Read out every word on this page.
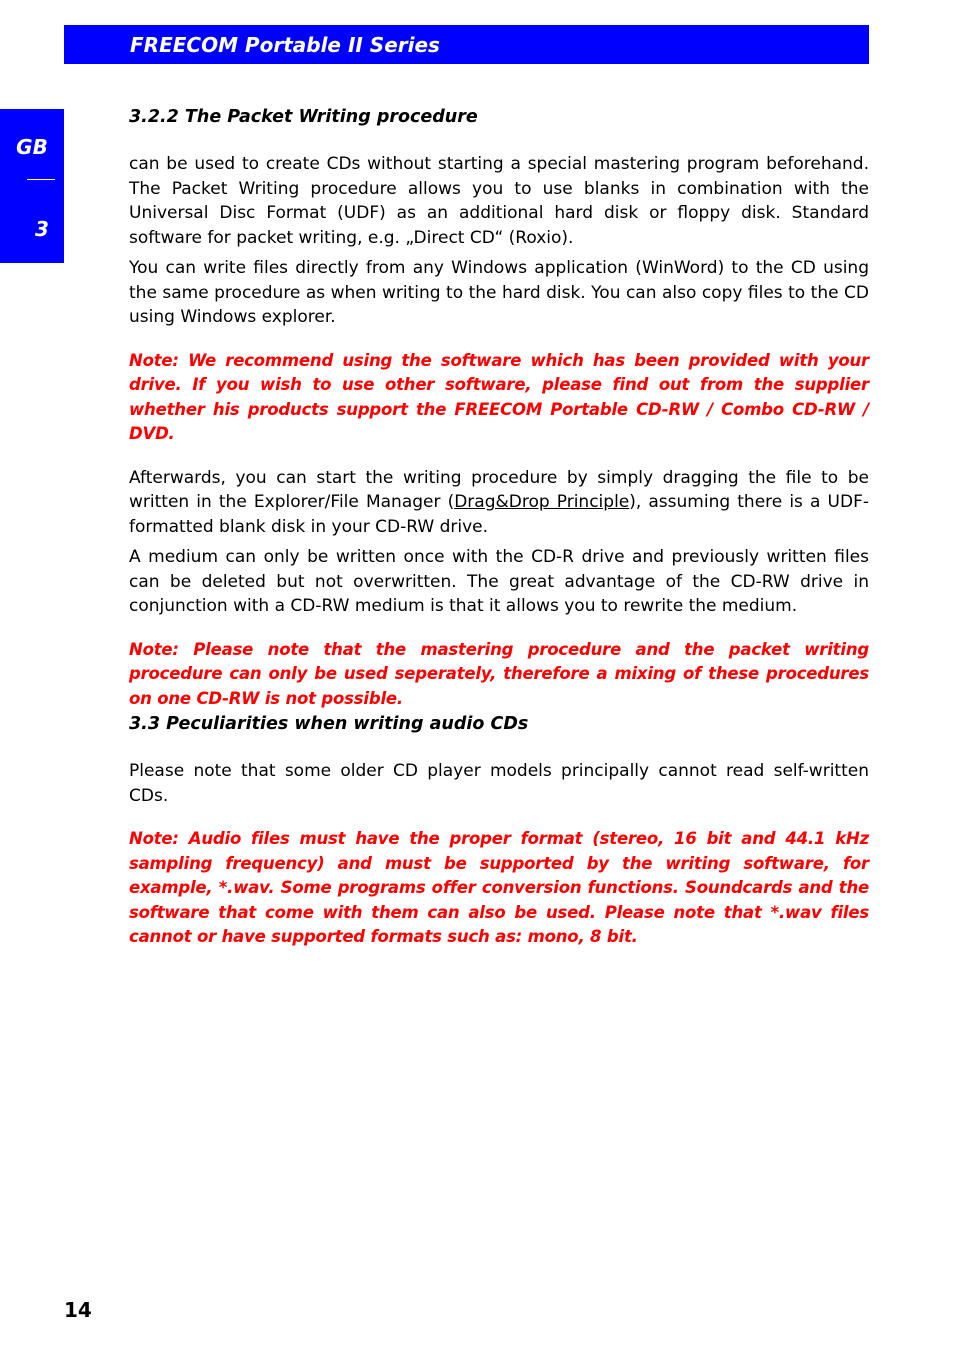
FREECOM Portable II Series
GB
3
3.2.2 The Packet Writing procedure

can be used to create CDs without starting a special mastering program beforehand. The Packet Writing procedure allows you to use blanks in combination with the Universal Disc Format (UDF) as an additional hard disk or floppy disk. Standard software for packet writing, e.g. „Direct CD“ (Roxio).

You can write files directly from any Windows application (WinWord) to the CD using the same procedure as when writing to the hard disk. You can also copy files to the CD using Windows explorer.

Note: We recommend using the software which has been provided with your drive. If you wish to use other software, please find out from the supplier whether his products support the FREECOM Portable CD-RW / Combo CD-RW / DVD.

Afterwards, you can start the writing procedure by simply dragging the file to be written in the Explorer/File Manager (Drag&Drop Principle), assuming there is a UDF-formatted blank disk in your CD-RW drive.

A medium can only be written once with the CD-R drive and previously written files can be deleted but not overwritten. The great advantage of the CD-RW drive in conjunction with a CD-RW medium is that it allows you to rewrite the medium.

Note: Please note that the mastering procedure and the packet writing procedure can only be used seperately, therefore a mixing of these procedures on one CD-RW is not possible.

3.3 Peculiarities when writing audio CDs

Please note that some older CD player models principally cannot read self-written CDs.

Note: Audio files must have the proper format (stereo, 16 bit and 44.1 kHz sampling frequency) and must be supported by the writing software, for example, *.wav. Some programs offer conversion functions. Soundcards and the software that come with them can also be used. Please note that *.wav files cannot or have supported formats such as: mono, 8 bit.

14
